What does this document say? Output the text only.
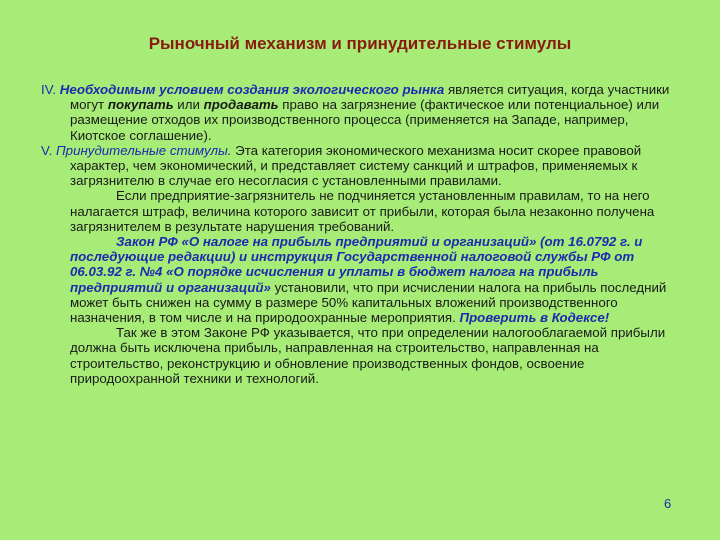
Рыночный механизм и принудительные стимулы

IV. Необходимым условием создания экологического рынка является ситуация, когда участники могут покупать или продавать право на загрязнение (фактическое или потенциальное) или размещение отходов их производственного процесса (применяется на Западе, например, Киотское соглашение).

V. Принудительные стимулы. Эта категория экономического механизма носит скорее правовой характер, чем экономический, и представляет систему санкций и штрафов, применяемых к загрязнителю в случае его несогласия с установленными правилами.

Если предприятие-загрязнитель не подчиняется установленным правилам, то на него налагается штраф, величина которого зависит от прибыли, которая была незаконно получена загрязнителем в результате нарушения требований.

Закон РФ «О налоге на прибыль предприятий и организаций» (от 16.0792 г. и последующие редакции) и инструкция Государственной налоговой службы РФ от 06.03.92 г. №4 «О порядке исчисления и уплаты в бюджет налога на прибыль предприятий и организаций» установили, что при исчислении налога на прибыль последний может быть снижен на сумму в размере 50% капитальных вложений производственного назначения, в том числе и на природоохранные мероприятия. Проверить в Кодексе!

Так же в этом Законе РФ указывается, что при определении налогооблагаемой прибыли должна быть исключена прибыль, направленная на строительство, направленная на строительство, реконструкцию и обновление производственных фондов, освоение природоохранной техники и технологий.

6
